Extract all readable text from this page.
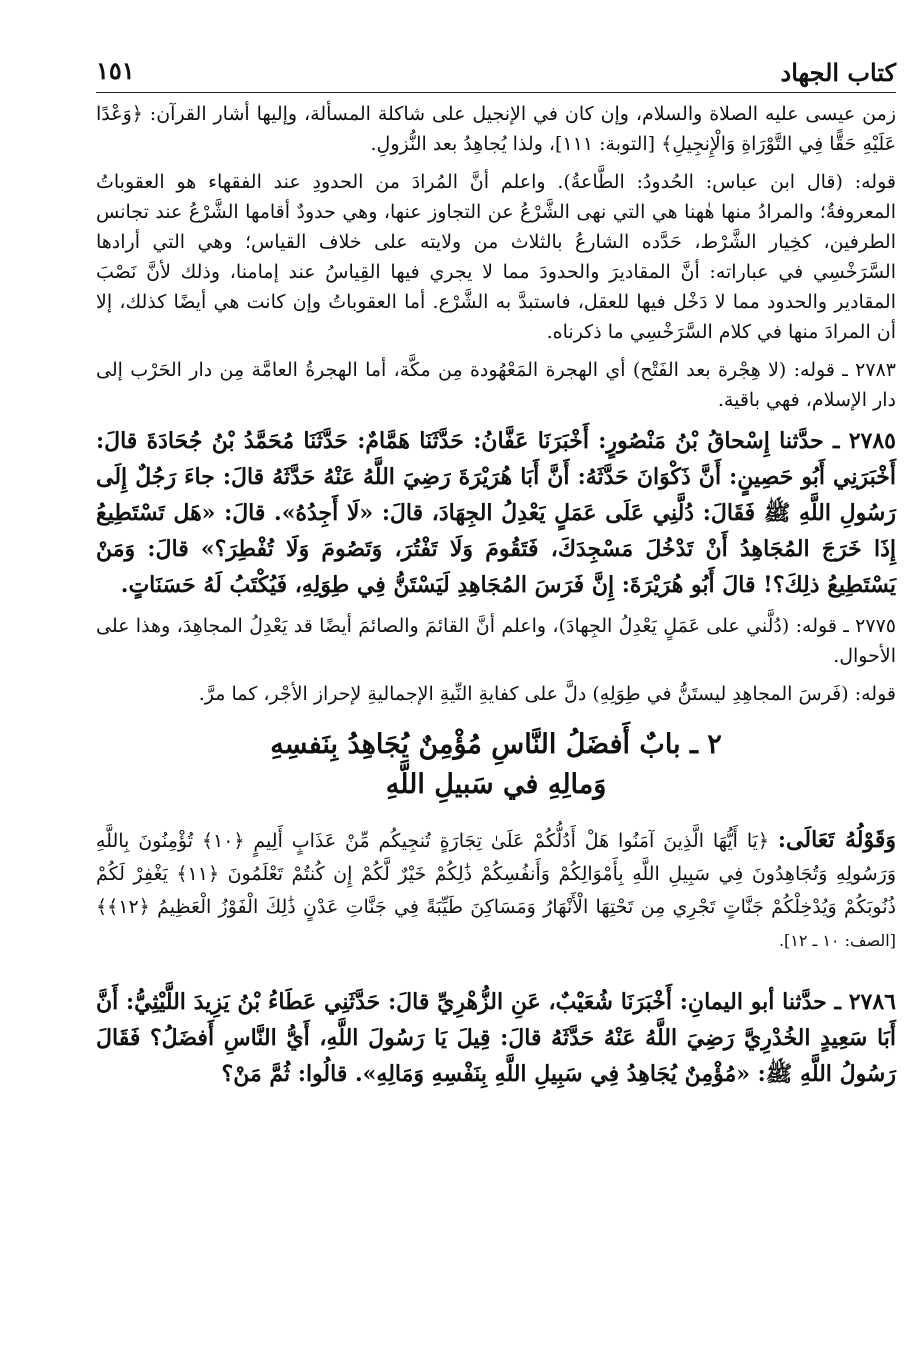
كتاب الجهاد
١٥١

زمن عيسى عليه الصلاة والسلام، وإن كان في الإنجيل على شاكلة المسألة، وإليها أشار القرآن: ﴿وَعْدًا عَلَيْهِ حَقًّا فِي التَّوْرَاةِ وَالْإِنجِيلِ﴾ [التوبة: ١١١]، ولذا يُجاهِدُ بعد النُّزولِ.

قوله: (قال ابن عباس: الحُدودُ: الطَّاعةُ). واعلم أنَّ المُرادَ من الحدودِ عند الفقهاء هو العقوباتُ المعروفةُ؛ والمرادُ منها هٰهنا هي التي نهى الشَّرْعُ عن التجاوز عنها، وهي حدودٌ أقامها الشَّرْعُ عند تجانس الطرفين، كخِيار الشَّرْط، حَدَّده الشارعُ بالثلاث من ولايته على خلاف القياس؛ وهي التي أرادها السَّرَخْسِي في عباراته: أنَّ المقاديرَ والحدودَ مما لا يجري فيها القِياسُ عند إمامنا، وذلك لأنَّ نَصْبَ المقادير والحدود مما لا دَخْل فيها للعقل، فاستبدَّ به الشَّرْع. أما العقوباتُ وإن كانت هي أيضًا كذلك، إلا أن المرادَ منها في كلام السَّرَخْسِي ما ذكرناه.

٢٧٨٣ ـ قوله: (لا هِجْرة بعد الفَتْح) أي الهجرة المَعْهُودة مِن مكَّة، أما الهجرةُ العامَّة مِن دار الحَرْب إلى دار الإسلام، فهي باقية.

٢٧٨٥ ـ حدَّثنا إِسْحاقُ بْنُ مَنْصُورٍ: أَخْبَرَنَا عَفَّانُ: حَدَّثَنَا هَمَّامٌ: حَدَّثَنَا مُحَمَّدُ بْنُ جُحَادَةَ قالَ: أَخْبَرَنِي أَبُو حَصِينٍ: أَنَّ ذَكْوَانَ حَدَّثَهُ: أَنَّ أَبَا هُرَيْرَةَ رَضِيَ اللَّهُ عَنْهُ حَدَّثَهُ قالَ: جاءَ رَجُلٌ إِلَى رَسُولِ اللَّهِ ﷺ فَقَالَ: دُلَّنِي عَلَى عَمَلٍ يَعْدِلُ الجِهَادَ، قالَ: «لَا أَجِدُهُ». قالَ: «هَل تَسْتَطِيعُ إِذَا خَرَجَ المُجَاهِدُ أَنْ تَدْخُلَ مَسْجِدَكَ، فَتَقُومَ وَلَا تَفْتُرَ، وَتَصُومَ وَلَا تُفْطِرَ؟» قالَ: وَمَنْ يَسْتَطِيعُ ذلِكَ؟! قالَ أَبُو هُرَيْرَةَ: إِنَّ فَرَسَ المُجَاهِدِ لَيَسْتَنُّ فِي طِوَلِهِ، فَيُكْتَبُ لَهُ حَسَنَاتٍ.

٢٧٧٥ ـ قوله: (دُلَّني على عَمَلٍ يَعْدِلُ الجِهادَ)، واعلم أنَّ القائمَ والصائمَ أيضًا قد يَعْدِلُ المجاهِدَ، وهذا على الأحوال.

قوله: (فَرسَ المجاهِدِ ليستَنُّ في طِوَلِهِ) دلَّ على كفايةِ النِّيةِ الإجماليةِ لإحراز الأجْر، كما مرَّ.

٢ ـ بابٌ أَفضَلُ النَّاسِ مُؤْمِنٌ يُجَاهِدُ بِنَفسِهِ
وَمالِهِ في سَبيلِ اللَّهِ

وَقَوْلُهُ تَعَالَى: ﴿يَا أَيُّهَا الَّذِينَ آمَنُوا هَلْ أَدُلُّكُمْ عَلَىٰ تِجَارَةٍ تُنجِيكُم مِّنْ عَذَابٍ أَلِيمٍ ﴿١٠﴾ تُؤْمِنُونَ بِاللَّهِ وَرَسُولِهِ وَتُجَاهِدُونَ فِي سَبِيلِ اللَّهِ بِأَمْوَالِكُمْ وَأَنفُسِكُمْ ذَٰلِكُمْ خَيْرٌ لَّكُمْ إِن كُنتُمْ تَعْلَمُونَ ﴿١١﴾ يَغْفِرْ لَكُمْ ذُنُوبَكُمْ وَيُدْخِلْكُمْ جَنَّاتٍ تَجْرِي مِن تَحْتِهَا الْأَنْهَارُ وَمَسَاكِنَ طَيِّبَةً فِي جَنَّاتِ عَدْنٍ ذَٰلِكَ الْفَوْزُ الْعَظِيمُ ﴿١٢﴾﴾ [الصف: ١٠ ـ ١٢].

٢٧٨٦ ـ حدَّثنا أبو اليمانِ: أَخْبَرَنَا شُعَيْبٌ، عَنِ الزُّهْرِيِّ قالَ: حَدَّثَنِي عَطَاءُ بْنُ يَزِيدَ اللَّيْثِيُّ: أَنَّ أَبَا سَعِيدٍ الخُدْرِيَّ رَضِيَ اللَّهُ عَنْهُ حَدَّثَهُ قالَ: قِيلَ يَا رَسُولَ اللَّهِ، أَيُّ النَّاسِ أَفضَلُ؟ فَقَالَ رَسُولُ اللَّهِ ﷺ: «مُؤْمِنٌ يُجَاهِدُ فِي سَبِيلِ اللَّهِ بِنَفْسِهِ وَمَالِهِ». قالُوا: ثُمَّ مَنْ؟
